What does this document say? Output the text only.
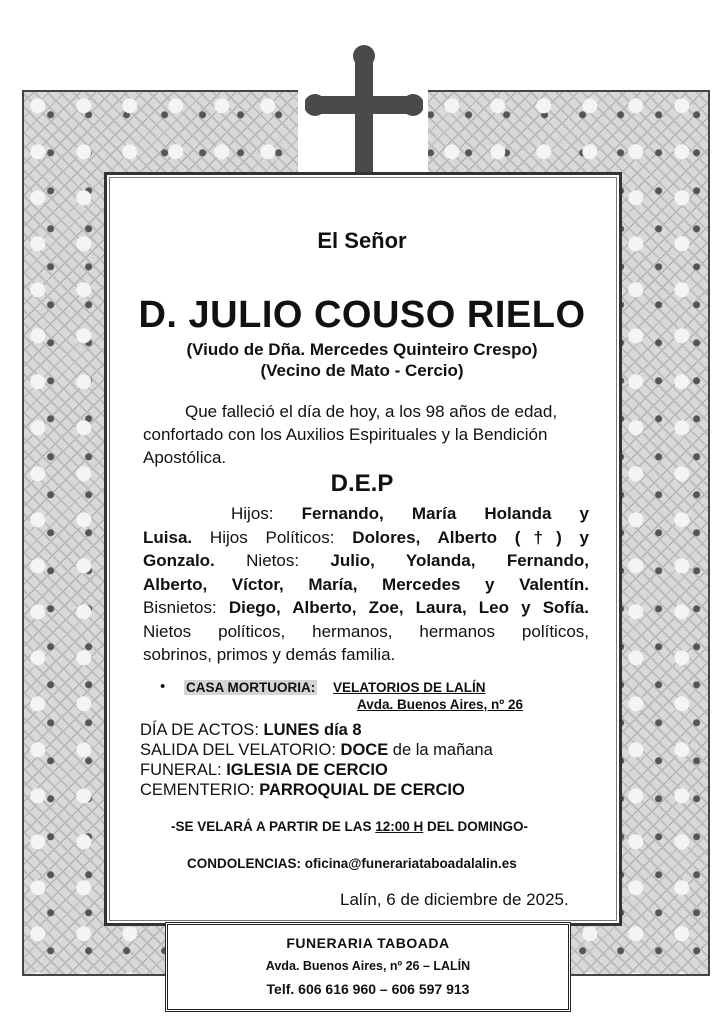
El Señor
D. JULIO COUSO RIELO
(Viudo de Dña. Mercedes Quinteiro Crespo)
(Vecino de Mato - Cercio)
Que falleció el día de hoy, a los 98 años de edad,
confortado con los Auxilios Espirituales y la Bendición
Apostólica.
D.E.P
Hijos: Fernando, María Holanda y
Luisa. Hijos Políticos: Dolores, Alberto (†) y
Gonzalo. Nietos: Julio, Yolanda, Fernando,
Alberto, Víctor, María, Mercedes y Valentín.
Bisnietos: Diego, Alberto, Zoe, Laura, Leo y Sofía.
Nietos políticos, hermanos, hermanos políticos,
sobrinos, primos y demás familia.
• CASA MORTUORIA: VELATORIOS DE LALÍN
Avda. Buenos Aires, nº 26
DÍA DE ACTOS: LUNES día 8
SALIDA DEL VELATORIO: DOCE de la mañana
FUNERAL: IGLESIA DE CERCIO
CEMENTERIO: PARROQUIAL DE CERCIO
-SE VELARÁ A PARTIR DE LAS 12:00 H DEL DOMINGO-
CONDOLENCIAS: oficina@funerariataboadalalin.es
Lalín, 6 de diciembre de 2025.
FUNERARIA TABOADA
Avda. Buenos Aires, nº 26 – LALÍN
Telf. 606 616 960 – 606 597 913
